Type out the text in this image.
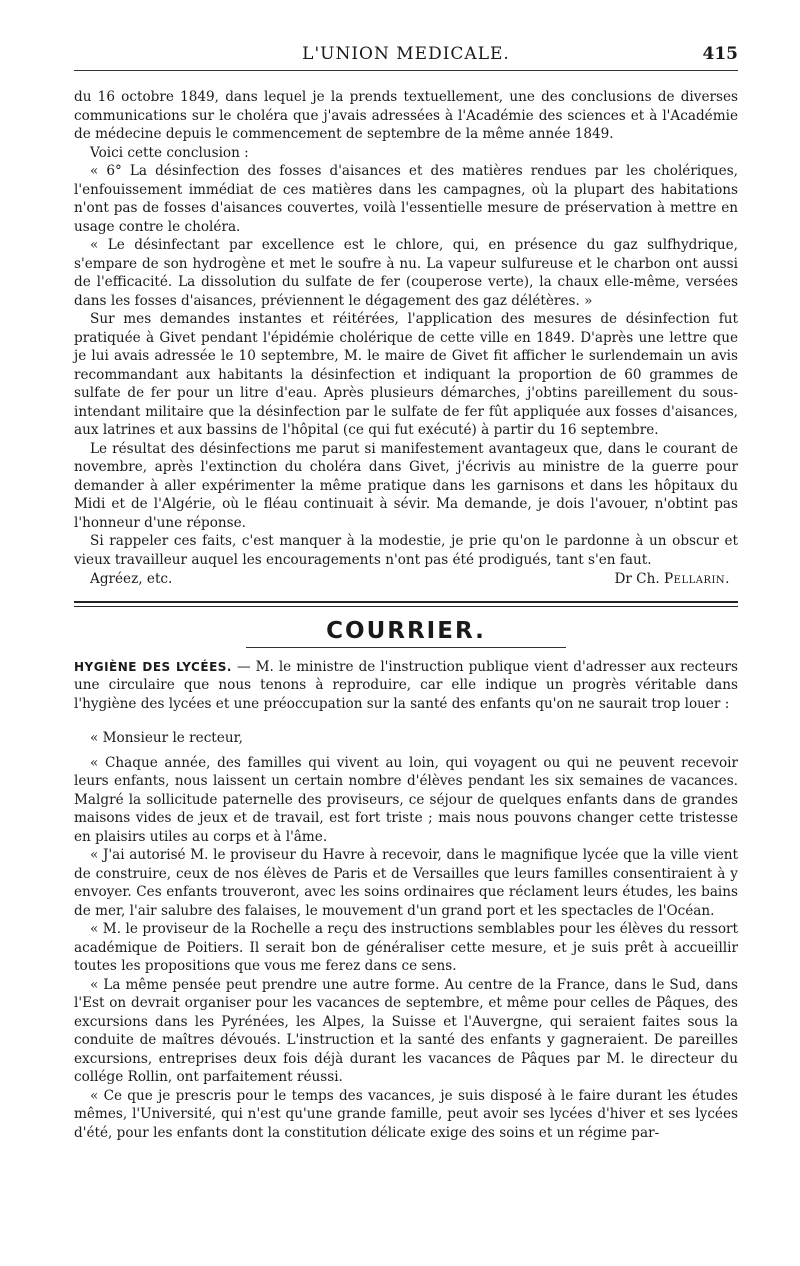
L'UNION MEDICALE.	415

du 16 octobre 1849, dans lequel je la prends textuellement, une des conclusions de diverses communications sur le choléra que j'avais adressées à l'Académie des sciences et à l'Académie de médecine depuis le commencement de septembre de la même année 1849.

Voici cette conclusion :

« 6° La désinfection des fosses d'aisances et des matières rendues par les cholériques, l'enfouissement immédiat de ces matières dans les campagnes, où la plupart des habitations n'ont pas de fosses d'aisances couvertes, voilà l'essentielle mesure de préservation à mettre en usage contre le choléra.

« Le désinfectant par excellence est le chlore, qui, en présence du gaz sulfhydrique, s'empare de son hydrogène et met le soufre à nu. La vapeur sulfureuse et le charbon ont aussi de l'efficacité. La dissolution du sulfate de fer (couperose verte), la chaux elle-même, versées dans les fosses d'aisances, préviennent le dégagement des gaz délétères. »

Sur mes demandes instantes et réitérées, l'application des mesures de désinfection fut pratiquée à Givet pendant l'épidémie cholérique de cette ville en 1849. D'après une lettre que je lui avais adressée le 10 septembre, M. le maire de Givet fit afficher le surlendemain un avis recommandant aux habitants la désinfection et indiquant la proportion de 60 grammes de sulfate de fer pour un litre d'eau. Après plusieurs démarches, j'obtins pareillement du sous-intendant militaire que la désinfection par le sulfate de fer fût appliquée aux fosses d'aisances, aux latrines et aux bassins de l'hôpital (ce qui fut exécuté) à partir du 16 septembre.

Le résultat des désinfections me parut si manifestement avantageux que, dans le courant de novembre, après l'extinction du choléra dans Givet, j'écrivis au ministre de la guerre pour demander à aller expérimenter la même pratique dans les garnisons et dans les hôpitaux du Midi et de l'Algérie, où le fléau continuait à sévir. Ma demande, je dois l'avouer, n'obtint pas l'honneur d'une réponse.

Si rappeler ces faits, c'est manquer à la modestie, je prie qu'on le pardonne à un obscur et vieux travailleur auquel les encouragements n'ont pas été prodigués, tant s'en faut.

Agréez, etc.	Dr Ch. Pellarin.
COURRIER.

HYGIÈNE DES LYCÉES. — M. le ministre de l'instruction publique vient d'adresser aux recteurs une circulaire que nous tenons à reproduire, car elle indique un progrès véritable dans l'hygiène des lycées et une préoccupation sur la santé des enfants qu'on ne saurait trop louer :

« Monsieur le recteur,

« Chaque année, des familles qui vivent au loin, qui voyagent ou qui ne peuvent recevoir leurs enfants, nous laissent un certain nombre d'élèves pendant les six semaines de vacances. Malgré la sollicitude paternelle des proviseurs, ce séjour de quelques enfants dans de grandes maisons vides de jeux et de travail, est fort triste ; mais nous pouvons changer cette tristesse en plaisirs utiles au corps et à l'âme.

« J'ai autorisé M. le proviseur du Havre à recevoir, dans le magnifique lycée que la ville vient de construire, ceux de nos élèves de Paris et de Versailles que leurs familles consentiraient à y envoyer. Ces enfants trouveront, avec les soins ordinaires que réclament leurs études, les bains de mer, l'air salubre des falaises, le mouvement d'un grand port et les spectacles de l'Océan.

« M. le proviseur de la Rochelle a reçu des instructions semblables pour les élèves du ressort académique de Poitiers. Il serait bon de généraliser cette mesure, et je suis prêt à accueillir toutes les propositions que vous me ferez dans ce sens.

« La même pensée peut prendre une autre forme. Au centre de la France, dans le Sud, dans l'Est on devrait organiser pour les vacances de septembre, et même pour celles de Pâques, des excursions dans les Pyrénées, les Alpes, la Suisse et l'Auvergne, qui seraient faites sous la conduite de maîtres dévoués. L'instruction et la santé des enfants y gagneraient. De pareilles excursions, entreprises deux fois déjà durant les vacances de Pâques par M. le directeur du collége Rollin, ont parfaitement réussi.

« Ce que je prescris pour le temps des vacances, je suis disposé à le faire durant les études mêmes, l'Université, qui n'est qu'une grande famille, peut avoir ses lycées d'hiver et ses lycées d'été, pour les enfants dont la constitution délicate exige des soins et un régime par-
